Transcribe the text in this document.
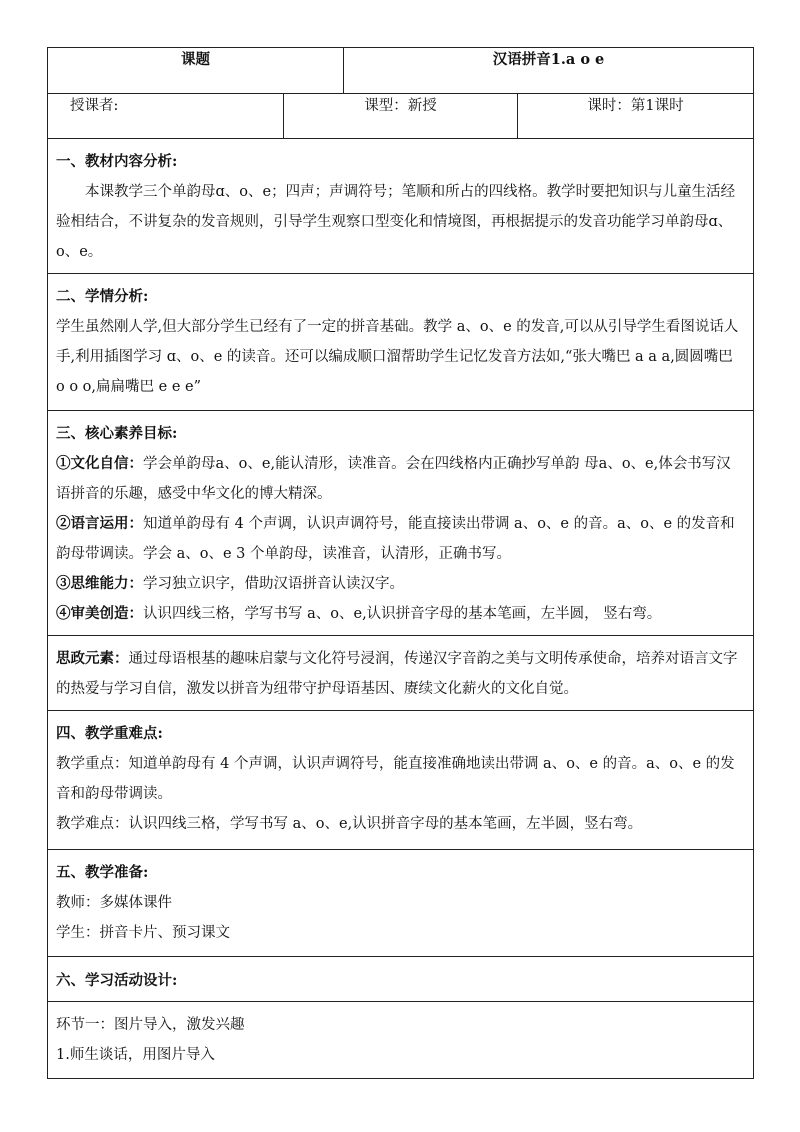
课题		汉语拼音1.a o e	
授课者:	课型：新授		课时：第1课时

一、教材内容分析:
本课教学三个单韵母ɑ、o、e；四声；声调符号；笔顺和所占的四线格。教学时要把知识与儿童生活经验相结合，不讲复杂的发音规则，引导学生观察口型变化和情境图，再根据提示的发音功能学习单韵母ɑ、o、e。			

二、学情分析:
学生虽然刚人学,但大部分学生已经有了一定的拼音基础。教学 a、o、e 的发音,可以从引导学生看图说话人手,利用插图学习 ɑ、o、e 的读音。还可以编成顺口溜帮助学生记忆发音方法如,“张大嘴巴 a a a,圆圆嘴巴 o o o,扁扁嘴巴 e e e”			

三、核心素养目标:
①文化自信：学会单韵母a、o、e,能认清形，读准音。会在四线格内正确抄写单韵 母a、o、e,体会书写汉语拼音的乐趣，感受中华文化的博大精深。
②语言运用：知道单韵母有 4 个声调，认识声调符号，能直接读出带调 a、o、e 的音。a、o、e 的发音和韵母带调读。学会 a、o、e 3 个单韵母，读准音，认清形，正确书写。
③思维能力：学习独立识字，借助汉语拼音认读汉字。
④审美创造：认识四线三格，学写书写 a、o、e,认识拼音字母的基本笔画，左半圆， 竖右弯。			

思政元素：通过母语根基的趣味启蒙与文化符号浸润，传递汉字音韵之美与文明传承使命，培养对语言文字的热爱与学习自信，激发以拼音为纽带守护母语基因、赓续文化薪火的文化自觉。			

四、教学重难点:
教学重点：知道单韵母有 4 个声调，认识声调符号，能直接准确地读出带调 a、o、e 的音。a、o、e 的发音和韵母带调读。
教学难点：认识四线三格，学写书写 a、o、e,认识拼音字母的基本笔画，左半圆，竖右弯。			

五、教学准备:
教师：多媒体课件
学生：拼音卡片、预习课文			

六、学习活动设计:			

环节一：图片导入，激发兴趣
1.师生谈话，用图片导入			
